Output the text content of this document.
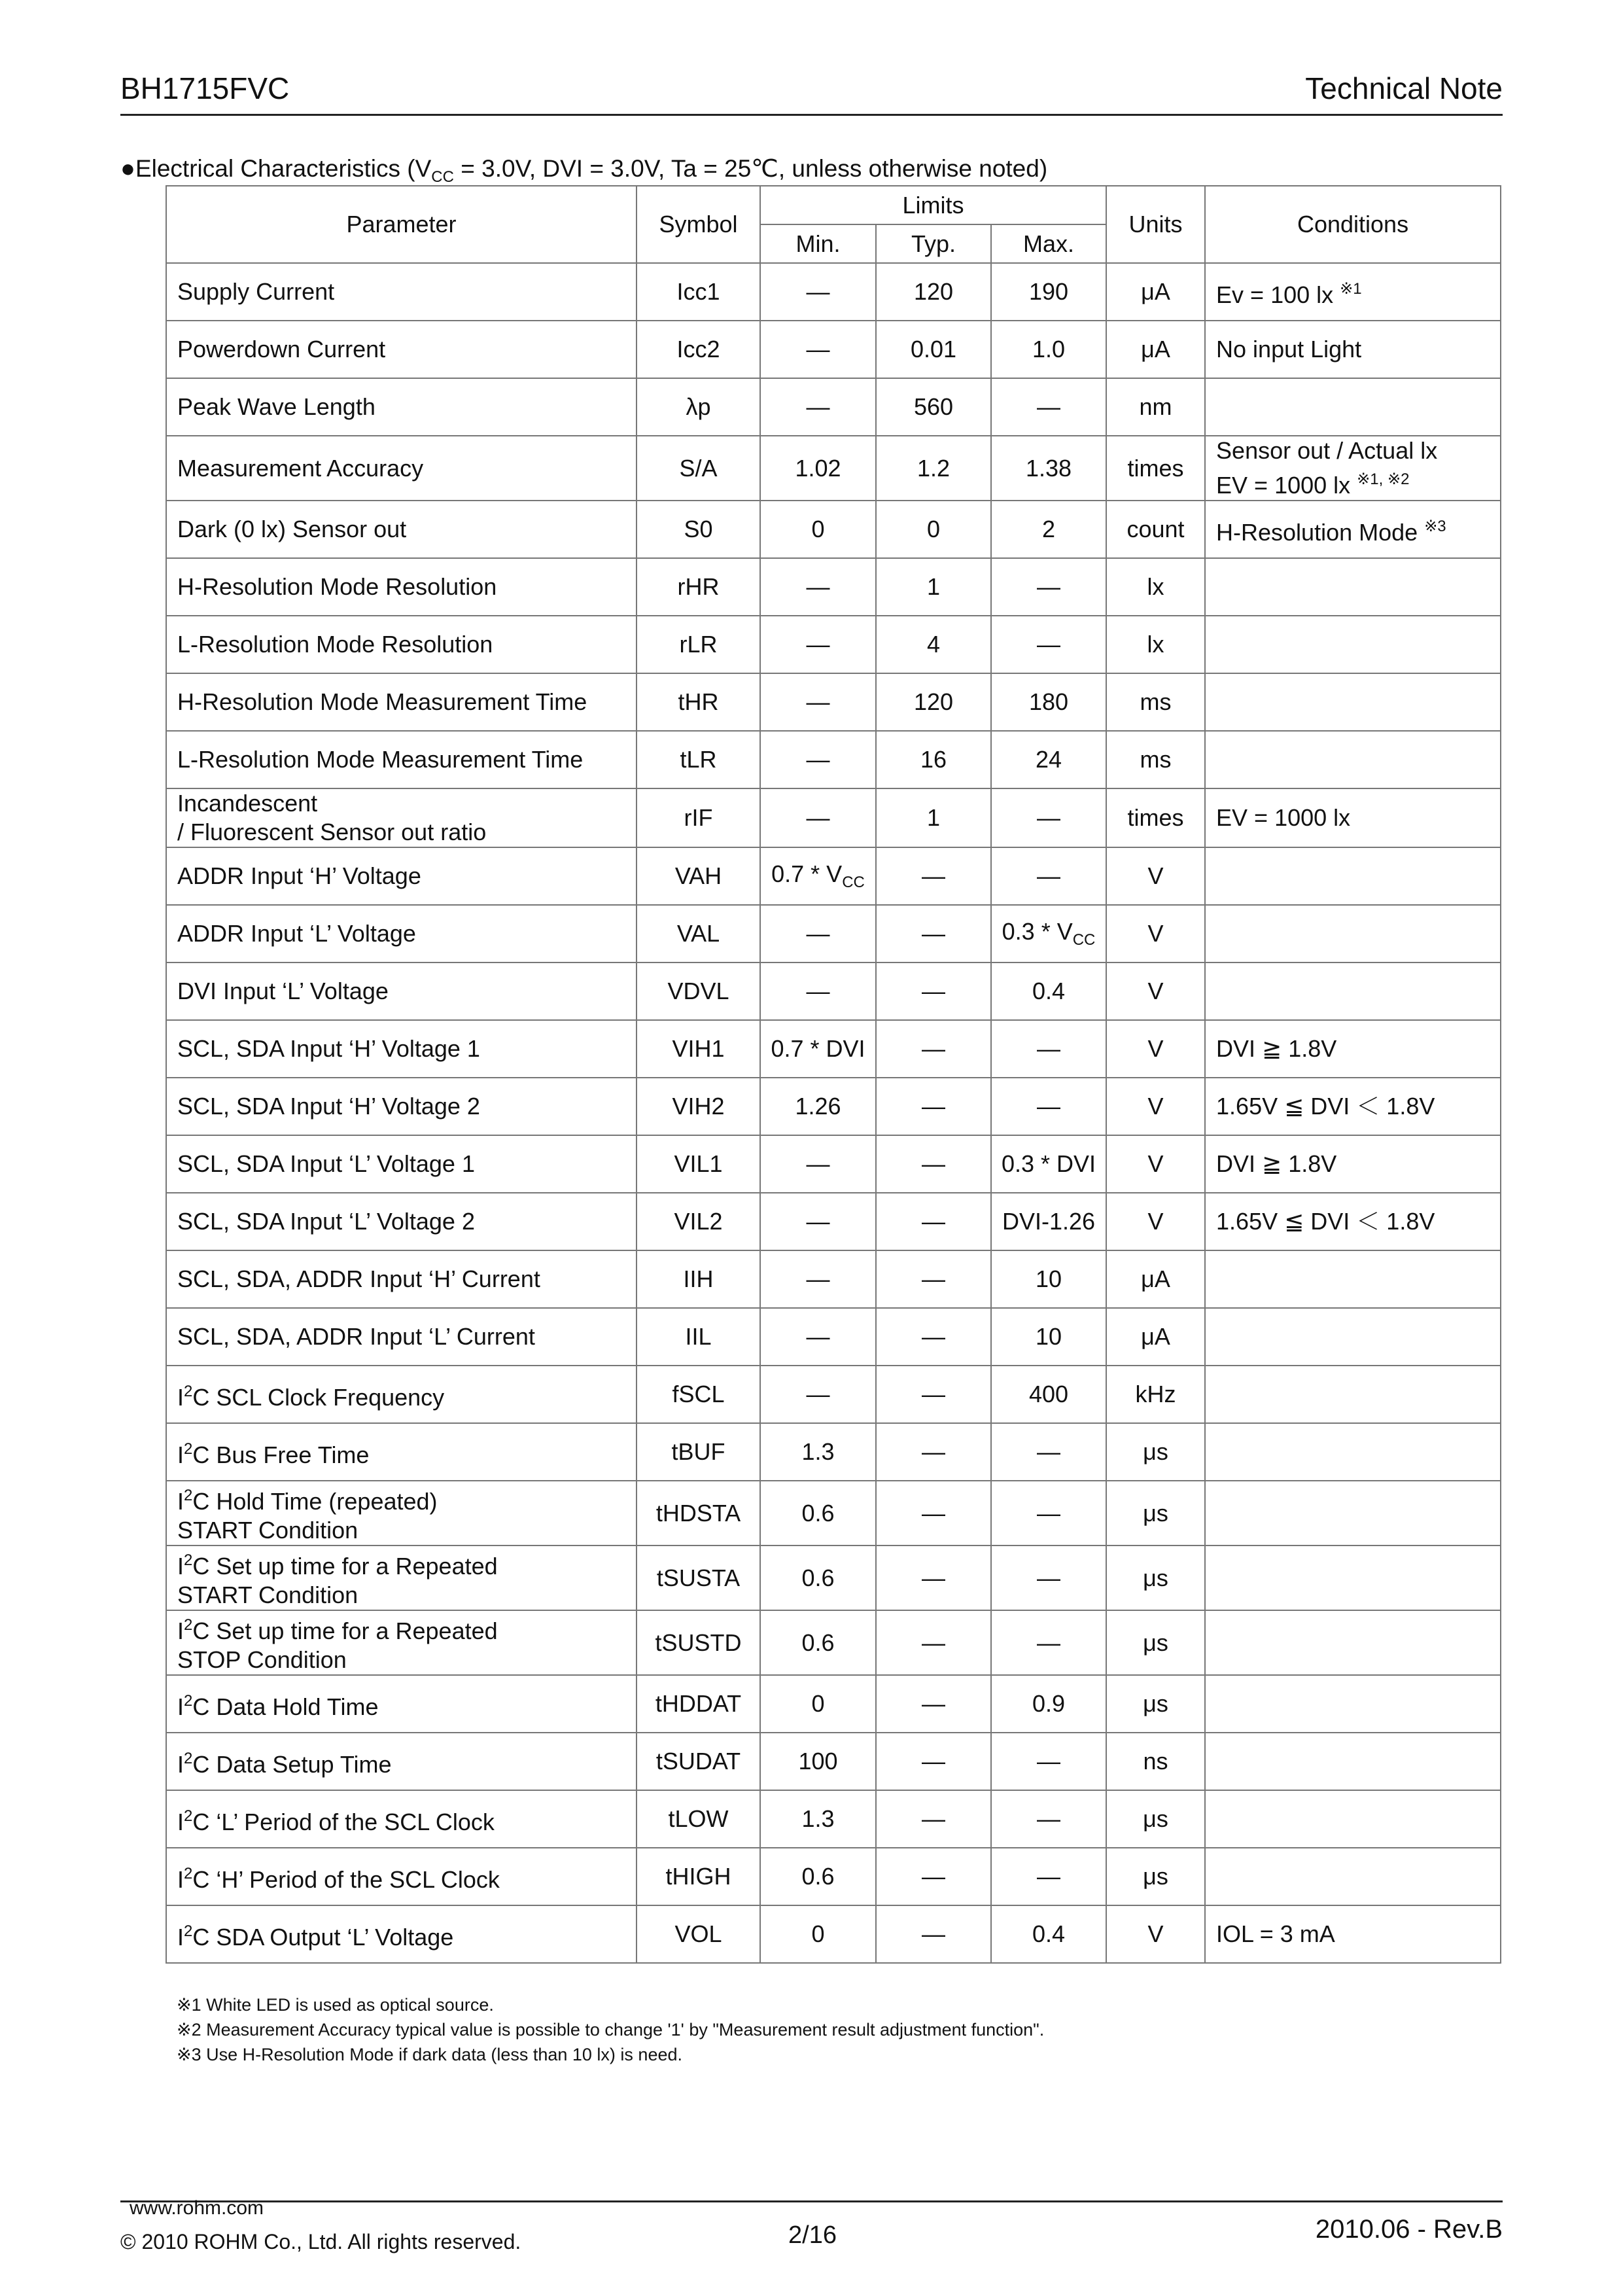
BH1715FVC	Technical Note
●Electrical Characteristics ($V_{CC} = 3.0V$, DVI = 3.0V, Ta = 25℃, unless otherwise noted)
Parameter	Symbol	Limits			Units	Conditions
		Min.	Typ.	Max.		

Supply Current	Icc1	—	120	190	μA	Ev = 100 lx $^{※1}$

Powerdown Current	Icc2	—	0.01	1.0	μA	No input Light

Peak Wave Length	λp	—	560	—	nm	

Measurement Accuracy	S/A	1.02	1.2	1.38	times	Sensor out / Actual lx
EV = 1000 lx $^{※1, ※2}$

Dark (0 lx) Sensor out	S0	0	0	2	count	H-Resolution Mode $^{※3}$

H-Resolution Mode Resolution	rHR	—	1	—	lx	

L-Resolution Mode Resolution	rLR	—	4	—	lx	

H-Resolution Mode Measurement Time	tHR	—	120	180	ms	

L-Resolution Mode Measurement Time	tLR	—	16	24	ms	

Incandescent
/ Fluorescent Sensor out ratio	rIF	—	1	—	times	EV = 1000 lx

ADDR Input ‘H’ Voltage	VAH	$0.7 * V_{CC}$	—	—	V	

ADDR Input ‘L’ Voltage	VAL	—	—	$0.3 * V_{CC}$	V	

DVI Input ‘L’ Voltage	VDVL	—	—	0.4	V	

SCL, SDA Input ‘H’ Voltage 1	VIH1	0.7 * DVI	—	—	V	DVI ≧ 1.8V

SCL, SDA Input ‘H’ Voltage 2	VIH2	1.26	—	—	V	1.65V ≦ DVI ＜ 1.8V

SCL, SDA Input ‘L’ Voltage 1	VIL1	—	—	0.3 * DVI	V	DVI ≧ 1.8V

SCL, SDA Input ‘L’ Voltage 2	VIL2	—	—	DVI-1.26	V	1.65V ≦ DVI ＜ 1.8V

SCL, SDA, ADDR Input ‘H’ Current	IIH	—	—	10	μA	

SCL, SDA, ADDR Input ‘L’ Current	IIL	—	—	10	μA	

$I^2C$ SCL Clock Frequency	fSCL	—	—	400	kHz	

$I^2C$ Bus Free Time	tBUF	1.3	—	—	μs	

$I^2C$ Hold Time (repeated)
START Condition	tHDSTA	0.6	—	—	μs	

$I^2C$ Set up time for a Repeated
START Condition	tSUSTA	0.6	—	—	μs	

$I^2C$ Set up time for a Repeated
STOP Condition	tSUSTD	0.6	—	—	μs	

$I^2C$ Data Hold Time	tHDDAT	0	—	0.9	μs	

$I^2C$ Data Setup Time	tSUDAT	100	—	—	ns	

$I^2C$ ‘L’ Period of the SCL Clock	tLOW	1.3	—	—	μs	

$I^2C$ ‘H’ Period of the SCL Clock	tHIGH	0.6	—	—	μs	

$I^2C$ SDA Output ‘L’ Voltage	VOL	0	—	0.4	V	IOL = 3 mA
※1 White LED is used as optical source.
※2 Measurement Accuracy typical value is possible to change '1' by "Measurement result adjustment function".
※3 Use H-Resolution Mode if dark data (less than 10 lx) is need.
www.rohm.com
© 2010 ROHM Co., Ltd. All rights reserved.	2/16	2010.06 - Rev.B
